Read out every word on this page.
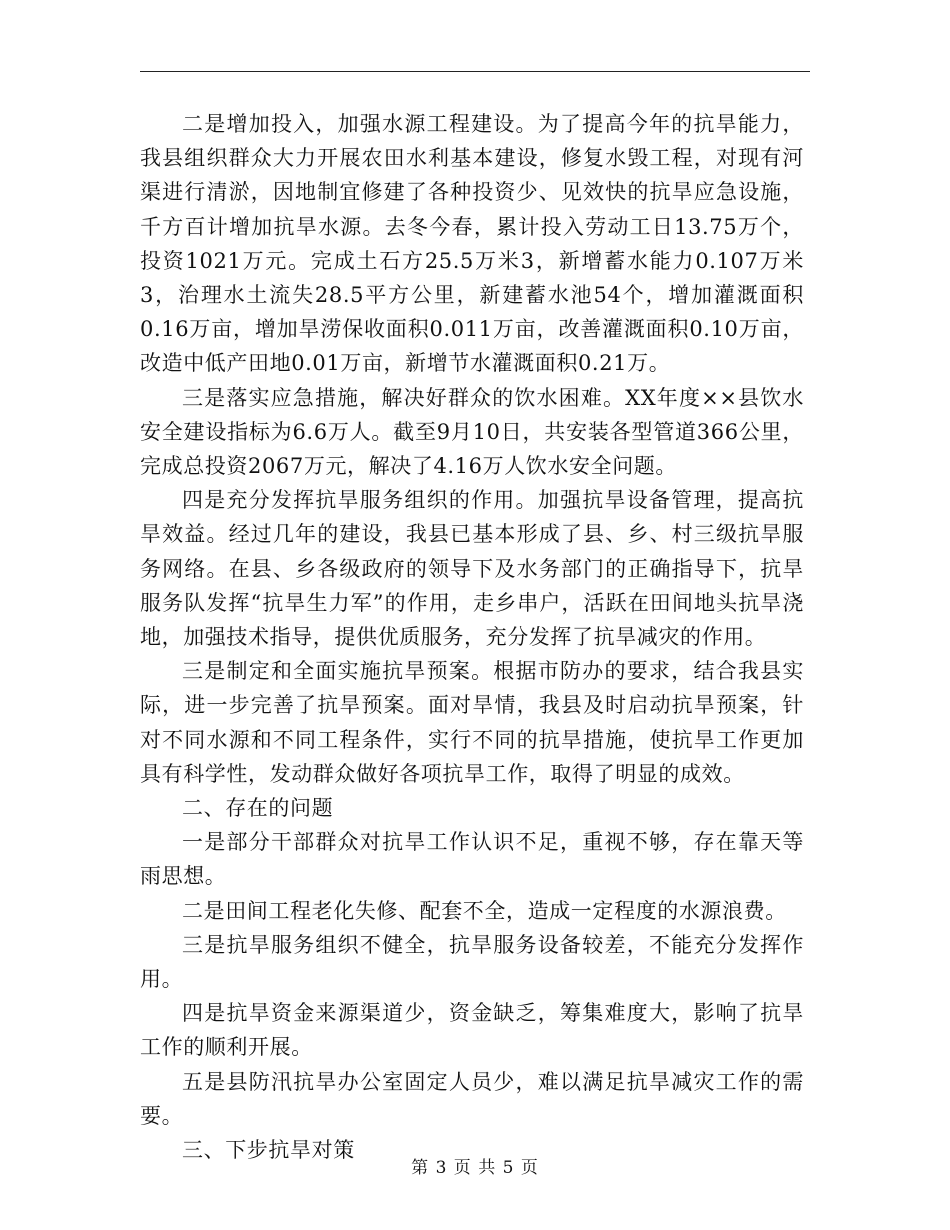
二是增加投入，加强水源工程建设。为了提高今年的抗旱能力，我县组织群众大力开展农田水利基本建设，修复水毁工程，对现有河渠进行清淤，因地制宜修建了各种投资少、见效快的抗旱应急设施，千方百计增加抗旱水源。去冬今春，累计投入劳动工日13.75万个，投资1021万元。完成土石方25.5万米3，新增蓄水能力0.107万米3，治理水土流失28.5平方公里，新建蓄水池54个，增加灌溉面积0.16万亩，增加旱涝保收面积0.011万亩，改善灌溉面积0.10万亩，改造中低产田地0.01万亩，新增节水灌溉面积0.21万。

三是落实应急措施，解决好群众的饮水困难。XX年度××县饮水安全建设指标为6.6万人。截至9月10日，共安装各型管道366公里，完成总投资2067万元，解决了4.16万人饮水安全问题。

四是充分发挥抗旱服务组织的作用。加强抗旱设备管理，提高抗旱效益。经过几年的建设，我县已基本形成了县、乡、村三级抗旱服务网络。在县、乡各级政府的领导下及水务部门的正确指导下，抗旱服务队发挥“抗旱生力军”的作用，走乡串户，活跃在田间地头抗旱浇地，加强技术指导，提供优质服务，充分发挥了抗旱减灾的作用。

三是制定和全面实施抗旱预案。根据市防办的要求，结合我县实际，进一步完善了抗旱预案。面对旱情，我县及时启动抗旱预案，针对不同水源和不同工程条件，实行不同的抗旱措施，使抗旱工作更加具有科学性，发动群众做好各项抗旱工作，取得了明显的成效。

二、存在的问题

一是部分干部群众对抗旱工作认识不足，重视不够，存在靠天等雨思想。

二是田间工程老化失修、配套不全，造成一定程度的水源浪费。

三是抗旱服务组织不健全，抗旱服务设备较差，不能充分发挥作用。

四是抗旱资金来源渠道少，资金缺乏，筹集难度大，影响了抗旱工作的顺利开展。

五是县防汛抗旱办公室固定人员少，难以满足抗旱减灾工作的需要。

三、下步抗旱对策

第 3 页 共 5 页
